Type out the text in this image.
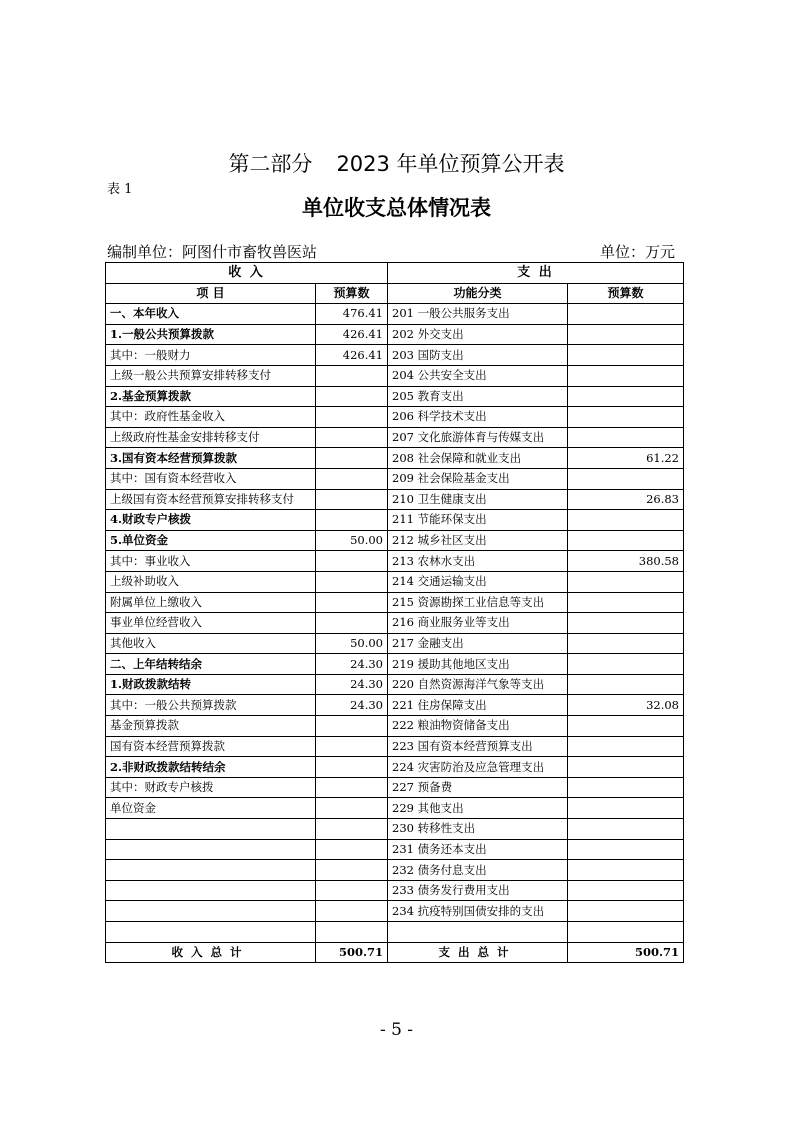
第二部分 2023 年单位预算公开表
表 1
单位收支总体情况表
编制单位：阿图什市畜牧兽医站	单位：万元
收 入		支 出	
项 目	预算数	功能分类	预算数
一、本年收入	476.41	201 一般公共服务支出	
1.一般公共预算拨款	426.41	202 外交支出	
其中：一般财力	426.41	203 国防支出	
上级一般公共预算安排转移支付		204 公共安全支出	
2.基金预算拨款		205 教育支出	
其中：政府性基金收入		206 科学技术支出	
上级政府性基金安排转移支付		207 文化旅游体育与传媒支出	
3.国有资本经营预算拨款		208 社会保障和就业支出	61.22
其中：国有资本经营收入		209 社会保险基金支出	
上级国有资本经营预算安排转移支付		210 卫生健康支出	26.83
4.财政专户核拨		211 节能环保支出	
5.单位资金	50.00	212 城乡社区支出	
其中：事业收入		213 农林水支出	380.58
上级补助收入		214 交通运输支出	
附属单位上缴收入		215 资源勘探工业信息等支出	
事业单位经营收入		216 商业服务业等支出	
其他收入	50.00	217 金融支出	
二、上年结转结余	24.30	219 援助其他地区支出	
1.财政拨款结转	24.30	220 自然资源海洋气象等支出	
其中：一般公共预算拨款	24.30	221 住房保障支出	32.08
基金预算拨款		222 粮油物资储备支出	
国有资本经营预算拨款		223 国有资本经营预算支出	
2.非财政拨款结转结余		224 灾害防治及应急管理支出	
其中：财政专户核拨		227 预备费	
单位资金		229 其他支出	
		230 转移性支出	
		231 债务还本支出	
		232 债务付息支出	
		233 债务发行费用支出	
		234 抗疫特别国债安排的支出	

收入总计	500.71	支出总计	500.71
- 5 -
